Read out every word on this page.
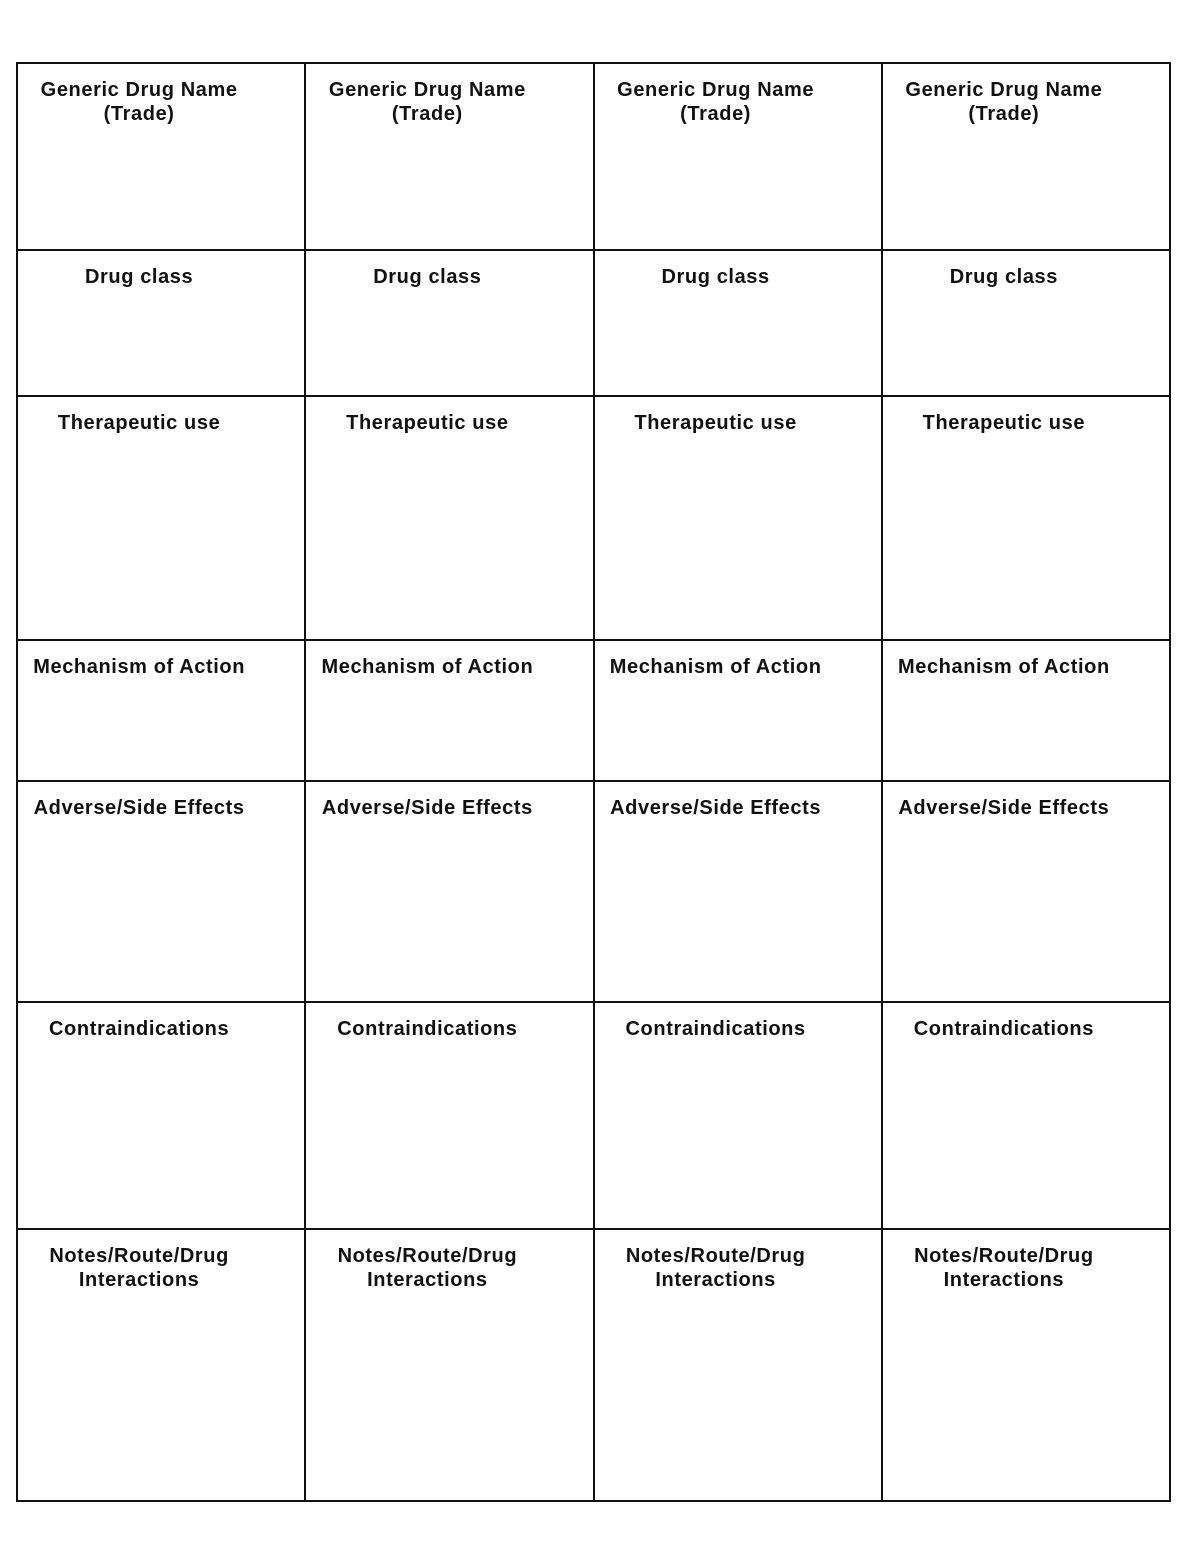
Generic Drug Name
(Trade)	Generic Drug Name
(Trade)	Generic Drug Name
(Trade)	Generic Drug Name
(Trade)

Drug class	Drug class	Drug class	Drug class

Therapeutic use	Therapeutic use	Therapeutic use	Therapeutic use

Mechanism of Action	Mechanism of Action	Mechanism of Action	Mechanism of Action

Adverse/Side Effects	Adverse/Side Effects	Adverse/Side Effects	Adverse/Side Effects

Contraindications	Contraindications	Contraindications	Contraindications

Notes/Route/Drug
Interactions	Notes/Route/Drug
Interactions	Notes/Route/Drug
Interactions	Notes/Route/Drug
Interactions
